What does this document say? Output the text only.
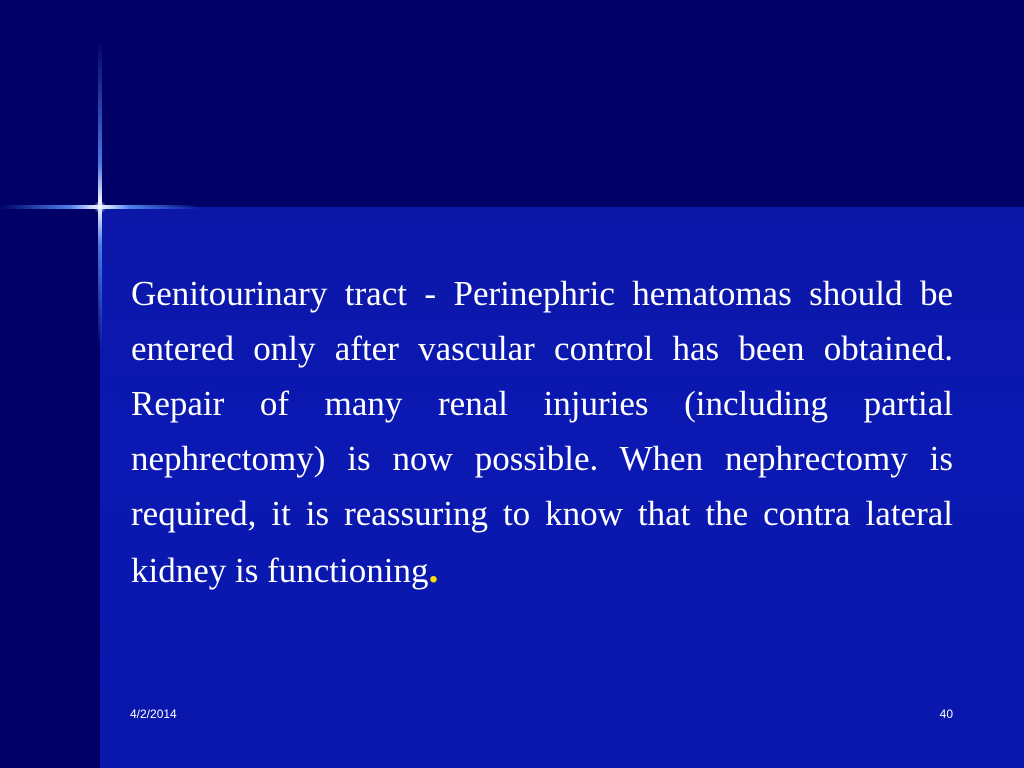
Genitourinary tract - Perinephric hematomas should be entered only after vascular control has been obtained. Repair of many renal injuries (including partial nephrectomy) is now possible. When nephrectomy is required, it is reassuring to know that the contra lateral kidney is functioning.

4/2/2014	40
